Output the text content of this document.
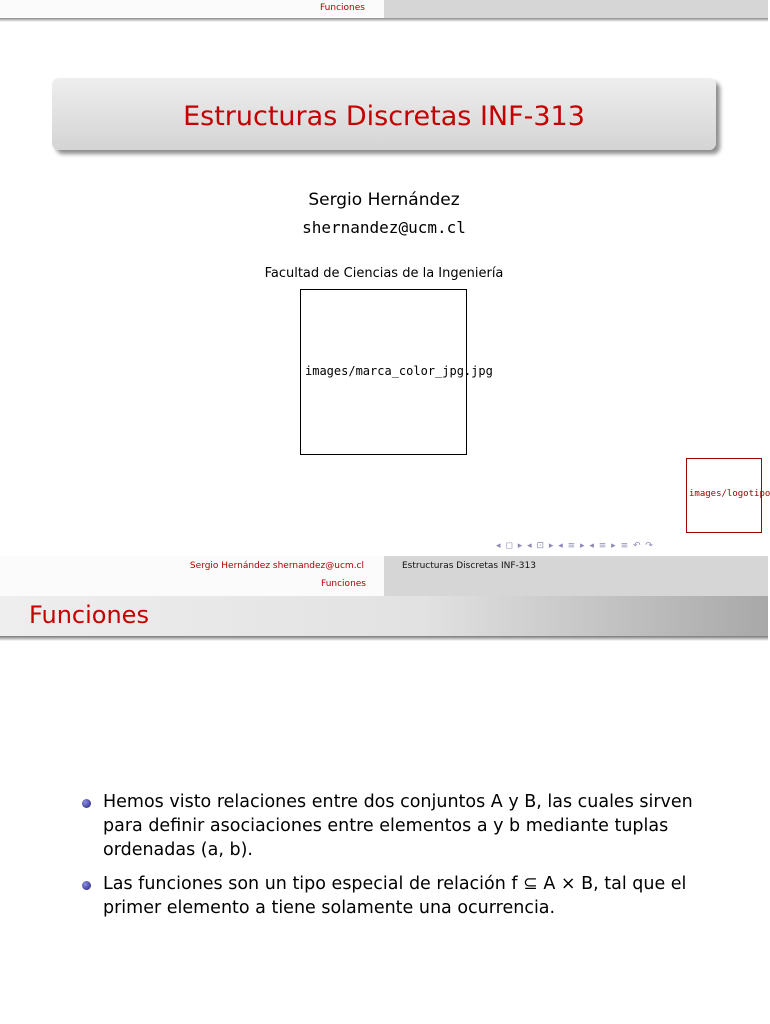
Funciones
Estructuras Discretas INF-313
Sergio Hernández
shernandez@ucm.cl
Facultad de Ciencias de la Ingeniería
images/marca_color_jpg.jpg
images/logotipo
◂ ◻ ▸ ◂ ⊡ ▸ ◂ ≡ ▸ ◂ ≡ ▸ ≡ ↶ ↷
Sergio Hernández shernandez@ucm.cl
Funciones
Estructuras Discretas INF-313
Funciones
Hemos visto relaciones entre dos conjuntos A y B, las cuales sirven para definir asociaciones entre elementos a y b mediante tuplas ordenadas (a, b).
Las funciones son un tipo especial de relación f ⊆ A × B, tal que el primer elemento a tiene solamente una ocurrencia.
